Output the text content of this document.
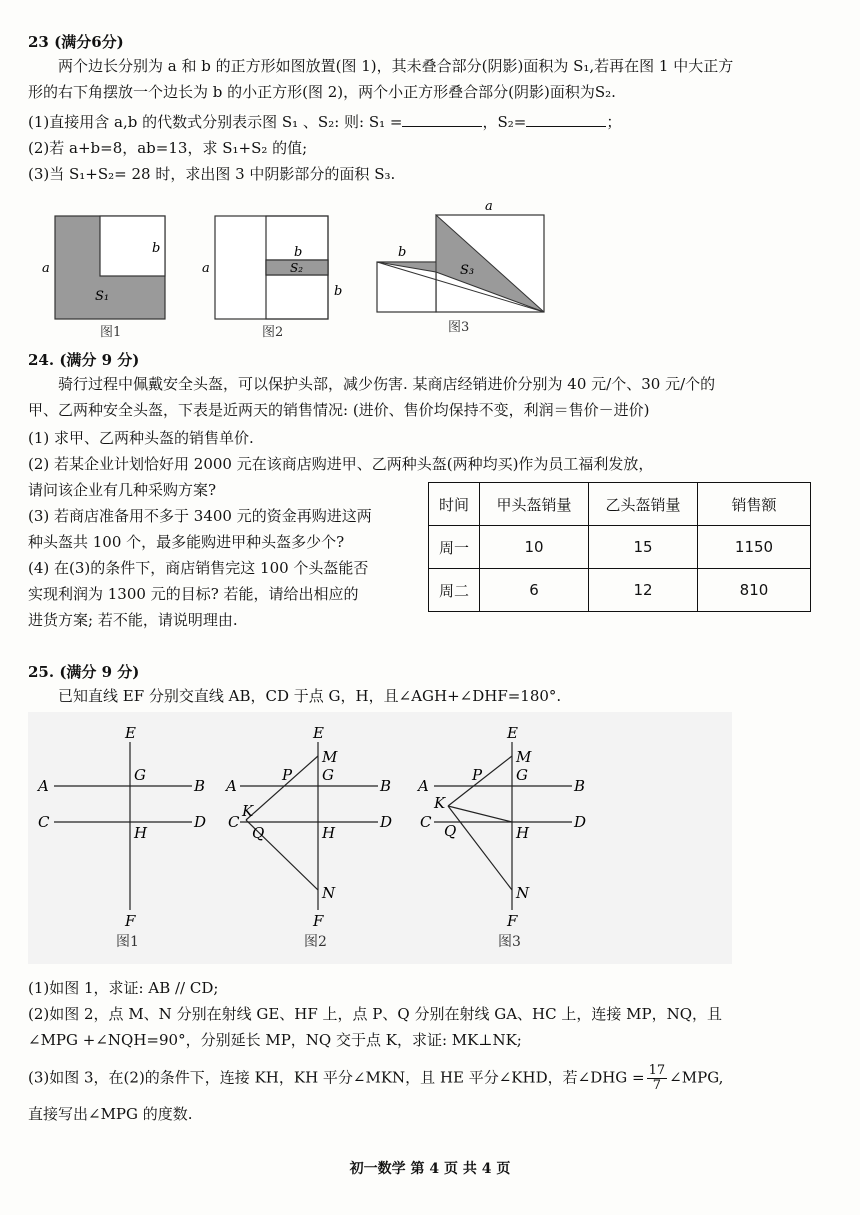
23 (满分6分)
两个边长分别为 a 和 b 的正方形如图放置(图 1)，其未叠合部分(阴影)面积为 S₁,若再在图 1 中大正方
形的右下角摆放一个边长为 b 的小正方形(图 2)，两个小正方形叠合部分(阴影)面积为S₂.
(1)直接用含 a,b 的代数式分别表示图 S₁ 、S₂: 则: S₁ =	，S₂=	；
(2)若 a+b=8，ab=13，求 S₁+S₂ 的值;
(3)当 S₁+S₂= 28 时，求出图 3 中阴影部分的面积 S₃.
a
b
S₁
图1
a
b
b
S₂
图2
a
b
S₃
图3
24. (满分 9 分)
骑行过程中佩戴安全头盔，可以保护头部，减少伤害. 某商店经销进价分别为 40 元/个、30 元/个的
甲、乙两种安全头盔，下表是近两天的销售情况: (进价、售价均保持不变，利润＝售价－进价)
(1) 求甲、乙两种头盔的销售单价.
(2) 若某企业计划恰好用 2000 元在该商店购进甲、乙两种头盔(两种均买)作为员工福利发放，
请问该企业有几种采购方案?
(3) 若商店准备用不多于 3400 元的资金再购进这两
种头盔共 100 个，最多能购进甲种头盔多少个?
(4) 在(3)的条件下，商店销售完这 100 个头盔能否
实现利润为 1300 元的目标? 若能，请给出相应的
进货方案; 若不能，请说明理由.
时间	甲头盔销量	乙头盔销量	销售额
周一	10	15	1150
周二	6	12	810
25. (满分 9 分)
已知直线 EF 分别交直线 AB，CD 于点 G，H，且∠AGH+∠DHF=180°.
E
F
A	B
C	D
G
H
图1
E
F
A	B
C	D
M
G
H
N
P
Q
K
图2
E
F
A	B
C	D
M
G
H
N
P
Q
K
图3
(1)如图 1，求证: AB // CD;
(2)如图 2，点 M、N 分别在射线 GE、HF 上，点 P、Q 分别在射线 GA、HC 上，连接 MP，NQ，且
∠MPG +∠NQH=90°，分别延长 MP，NQ 交于点 K，求证: MK⊥NK;
(3)如图 3，在(2)的条件下，连接 KH，KH 平分∠MKN，且 HE 平分∠KHD，若∠DHG = $\frac{17}{7}$ ∠MPG,
直接写出∠MPG 的度数.
初一数学 第 4 页 共 4 页
